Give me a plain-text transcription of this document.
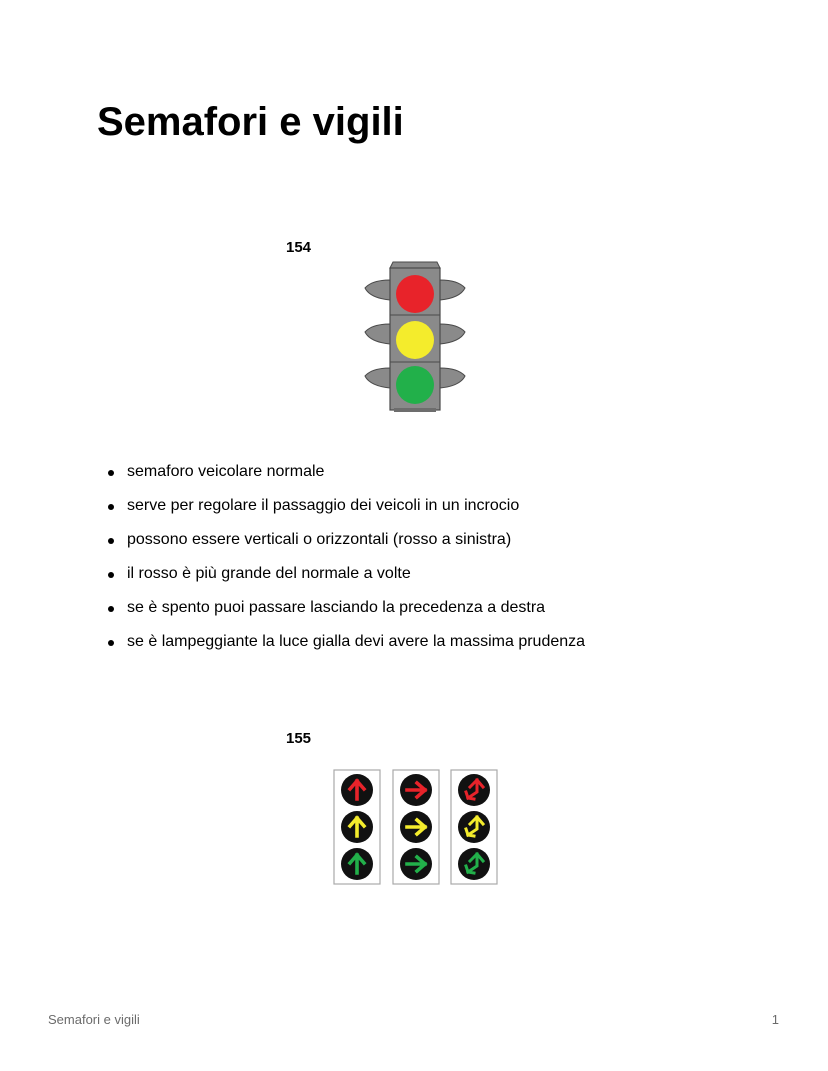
Semafori e vigili
154
semaforo veicolare normale
serve per regolare il passaggio dei veicoli in un incrocio
possono essere verticali o orizzontali (rosso a sinistra)
il rosso è più grande del normale a volte
se è spento puoi passare lasciando la precedenza a destra
se è lampeggiante la luce gialla devi avere la massima prudenza
155
Semafori e vigili	1
